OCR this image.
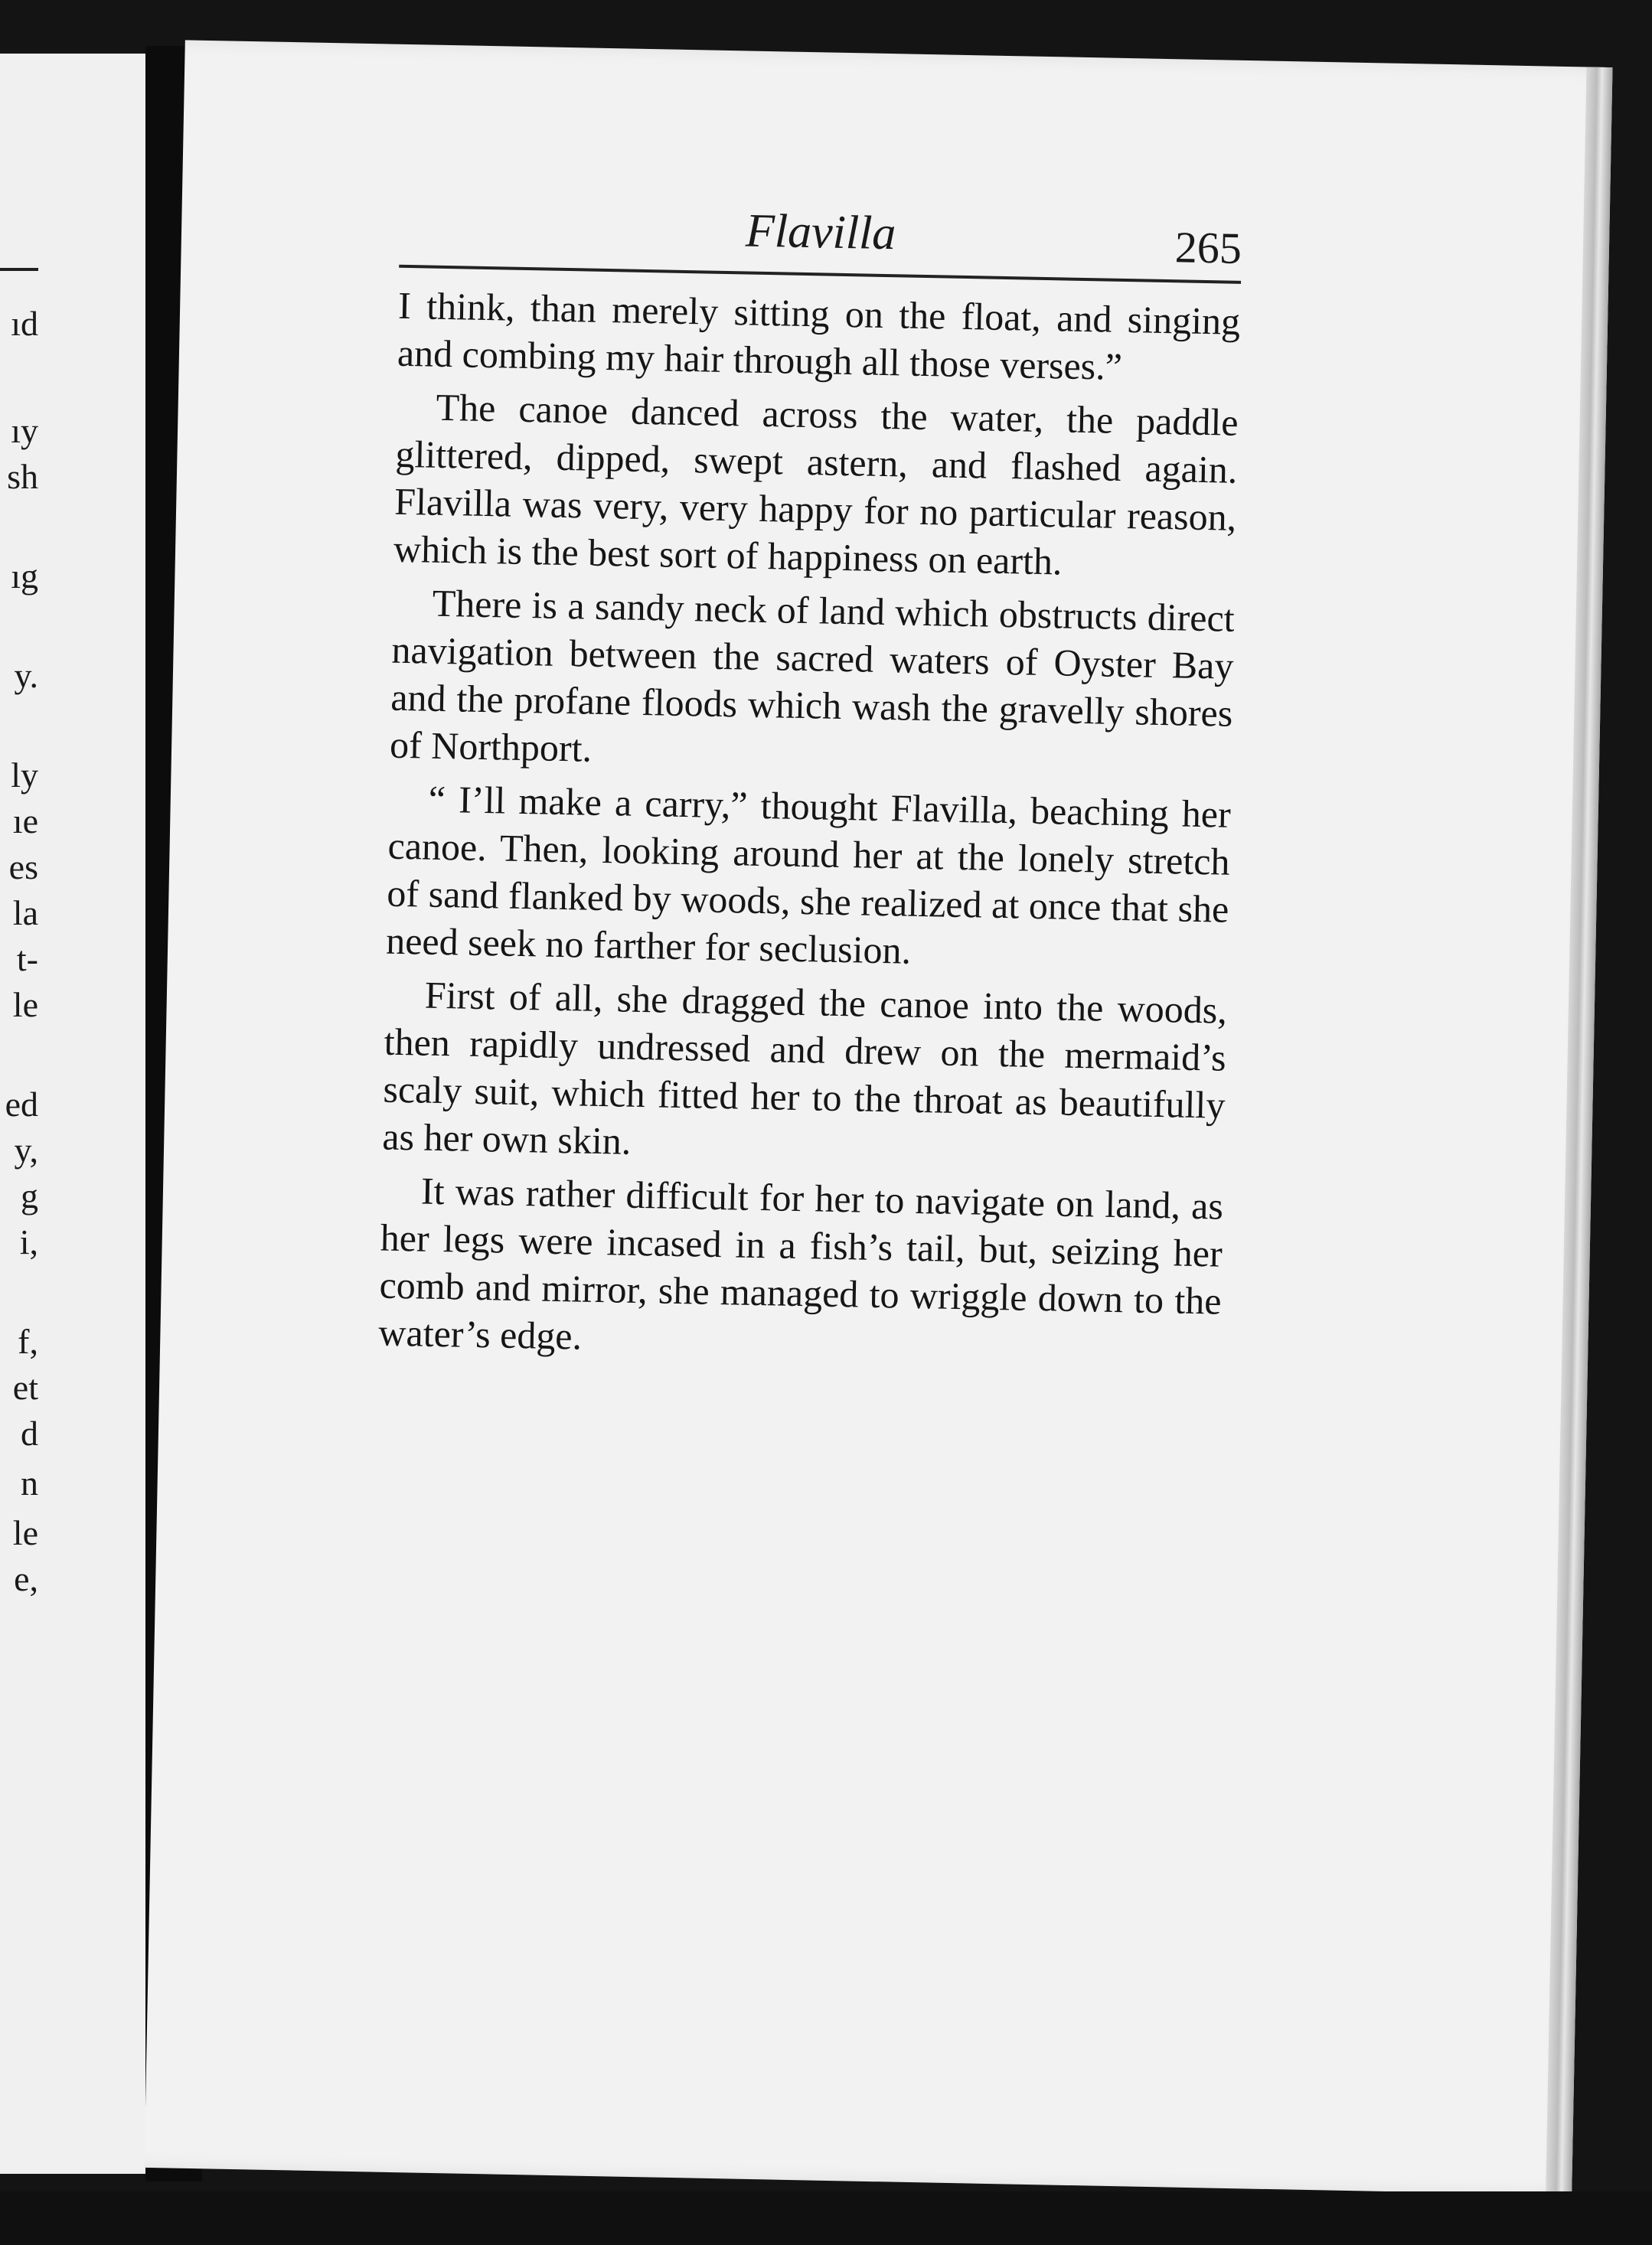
ıd
ıy
sh
ıg
y.
ly
ıe
es
la
t-
le
ed
y,
g
i,
f,
et
d
n
le
e,
Flavilla	265

I think, than merely sitting on the float, and singing and combing my hair through all those verses.”

The canoe danced across the water, the paddle glittered, dipped, swept astern, and flashed again. Flavilla was very, very happy for no particular reason, which is the best sort of happiness on earth.

There is a sandy neck of land which obstructs direct navigation between the sacred waters of Oyster Bay and the profane floods which wash the gravelly shores of Northport.

“ I’ll make a carry,” thought Flavilla, beaching her canoe. Then, looking around her at the lonely stretch of sand flanked by woods, she realized at once that she need seek no farther for seclusion.

First of all, she dragged the canoe into the woods, then rapidly undressed and drew on the mermaid’s scaly suit, which fitted her to the throat as beautifully as her own skin.

It was rather difficult for her to navigate on land, as her legs were incased in a fish’s tail, but, seizing her comb and mirror, she managed to wriggle down to the water’s edge.
